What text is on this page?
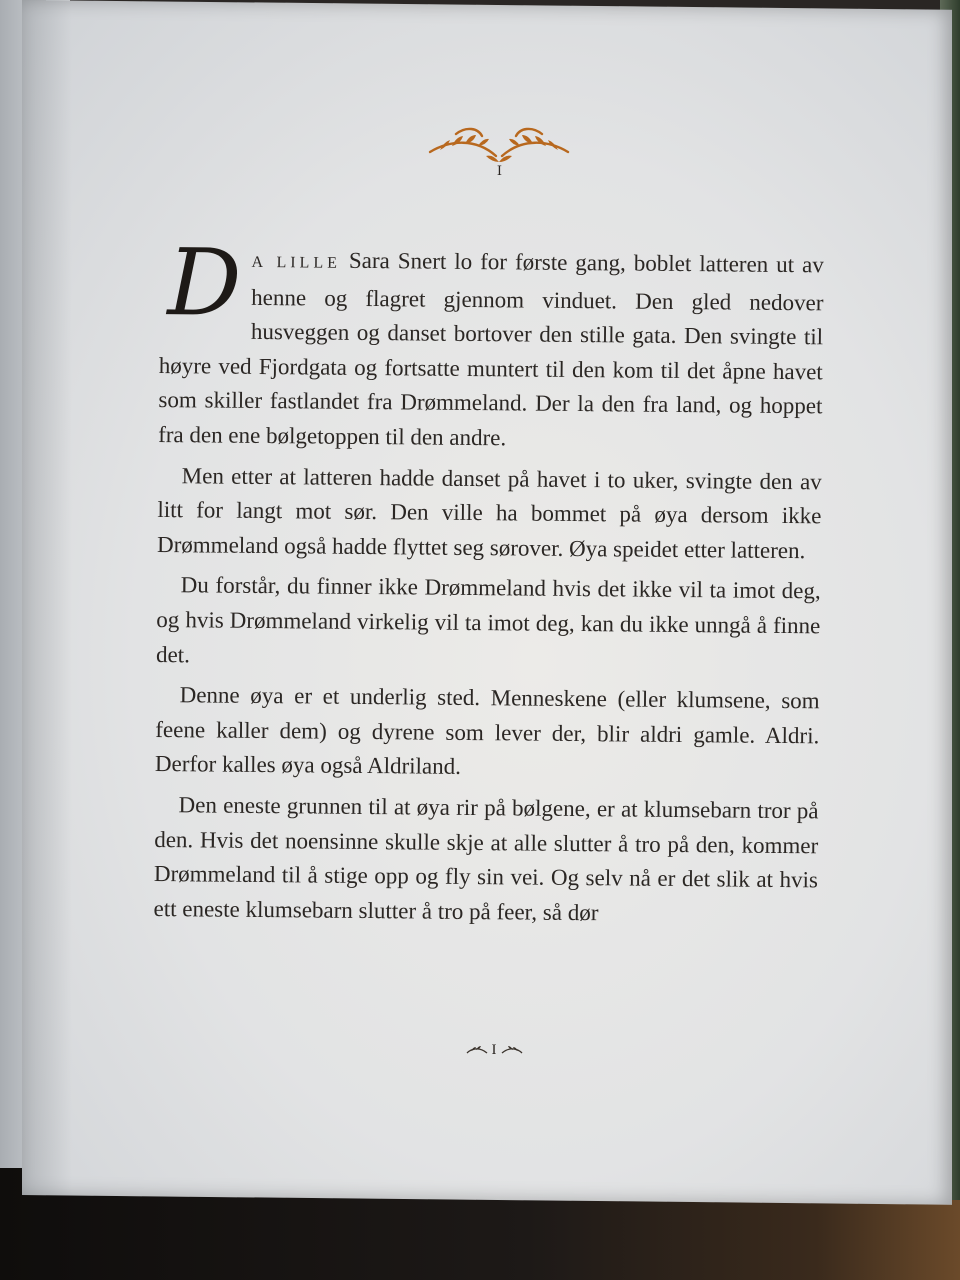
I

DA LILLE Sara Snert lo for første gang, boblet latteren ut av henne og flagret gjennom vinduet. Den gled nedover husveggen og danset bortover den stille gata. Den svingte til høyre ved Fjordgata og fortsatte muntert til den kom til det åpne havet som skiller fastlandet fra Drømmeland. Der la den fra land, og hoppet fra den ene bølgetoppen til den andre.

Men etter at latteren hadde danset på havet i to uker, svingte den av litt for langt mot sør. Den ville ha bommet på øya dersom ikke Drømmeland også hadde flyttet seg sørover. Øya speidet etter latteren.

Du forstår, du finner ikke Drømmeland hvis det ikke vil ta imot deg, og hvis Drømmeland virkelig vil ta imot deg, kan du ikke unngå å finne det.

Denne øya er et underlig sted. Menneskene (eller klumsene, som feene kaller dem) og dyrene som lever der, blir aldri gamle. Aldri. Derfor kalles øya også Aldriland.

Den eneste grunnen til at øya rir på bølgene, er at klumsebarn tror på den. Hvis det noensinne skulle skje at alle slutter å tro på den, kommer Drømmeland til å stige opp og fly sin vei. Og selv nå er det slik at hvis ett eneste klumsebarn slutter å tro på feer, så dør

I
